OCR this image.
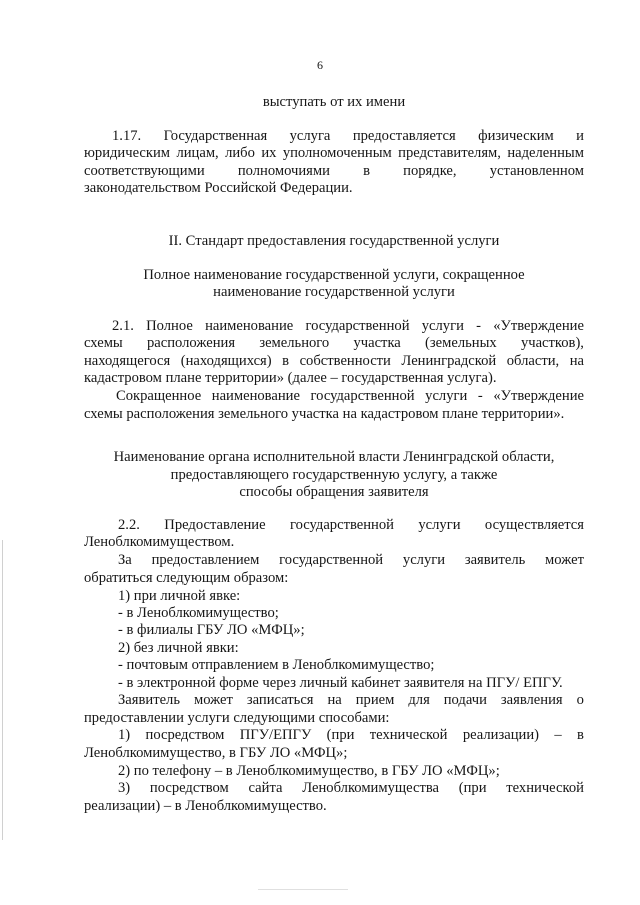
6
выступать от их имени
1.17. Государственная услуга предоставляется физическим и
юридическим лицам, либо их уполномоченным представителям, наделенным
соответствующими полномочиями в порядке, установленном
законодательством Российской Федерации.
II. Стандарт предоставления государственной услуги
Полное наименование государственной услуги, сокращенное
наименование государственной услуги
2.1. Полное наименование государственной услуги - «Утверждение
схемы расположения земельного участка (земельных участков),
находящегося (находящихся) в собственности Ленинградской области, на
кадастровом плане территории» (далее – государственная услуга).
Сокращенное наименование государственной услуги - «Утверждение
схемы расположения земельного участка на кадастровом плане территории».
Наименование органа исполнительной власти Ленинградской области,
предоставляющего государственную услугу, а также
способы обращения заявителя
2.2. Предоставление государственной услуги осуществляется
Леноблкомимуществом.
За предоставлением государственной услуги заявитель может
обратиться следующим образом:
1) при личной явке:
- в Леноблкомимущество;
- в филиалы ГБУ ЛО «МФЦ»;
2) без личной явки:
- почтовым отправлением в Леноблкомимущество;
- в электронной форме через личный кабинет заявителя на ПГУ/ ЕПГУ.
Заявитель может записаться на прием для подачи заявления о
предоставлении услуги следующими способами:
1) посредством ПГУ/ЕПГУ (при технической реализации) – в
Леноблкомимущество, в ГБУ ЛО «МФЦ»;
2) по телефону – в Леноблкомимущество, в ГБУ ЛО «МФЦ»;
3) посредством сайта Леноблкомимущества (при технической
реализации) – в Леноблкомимущество.
